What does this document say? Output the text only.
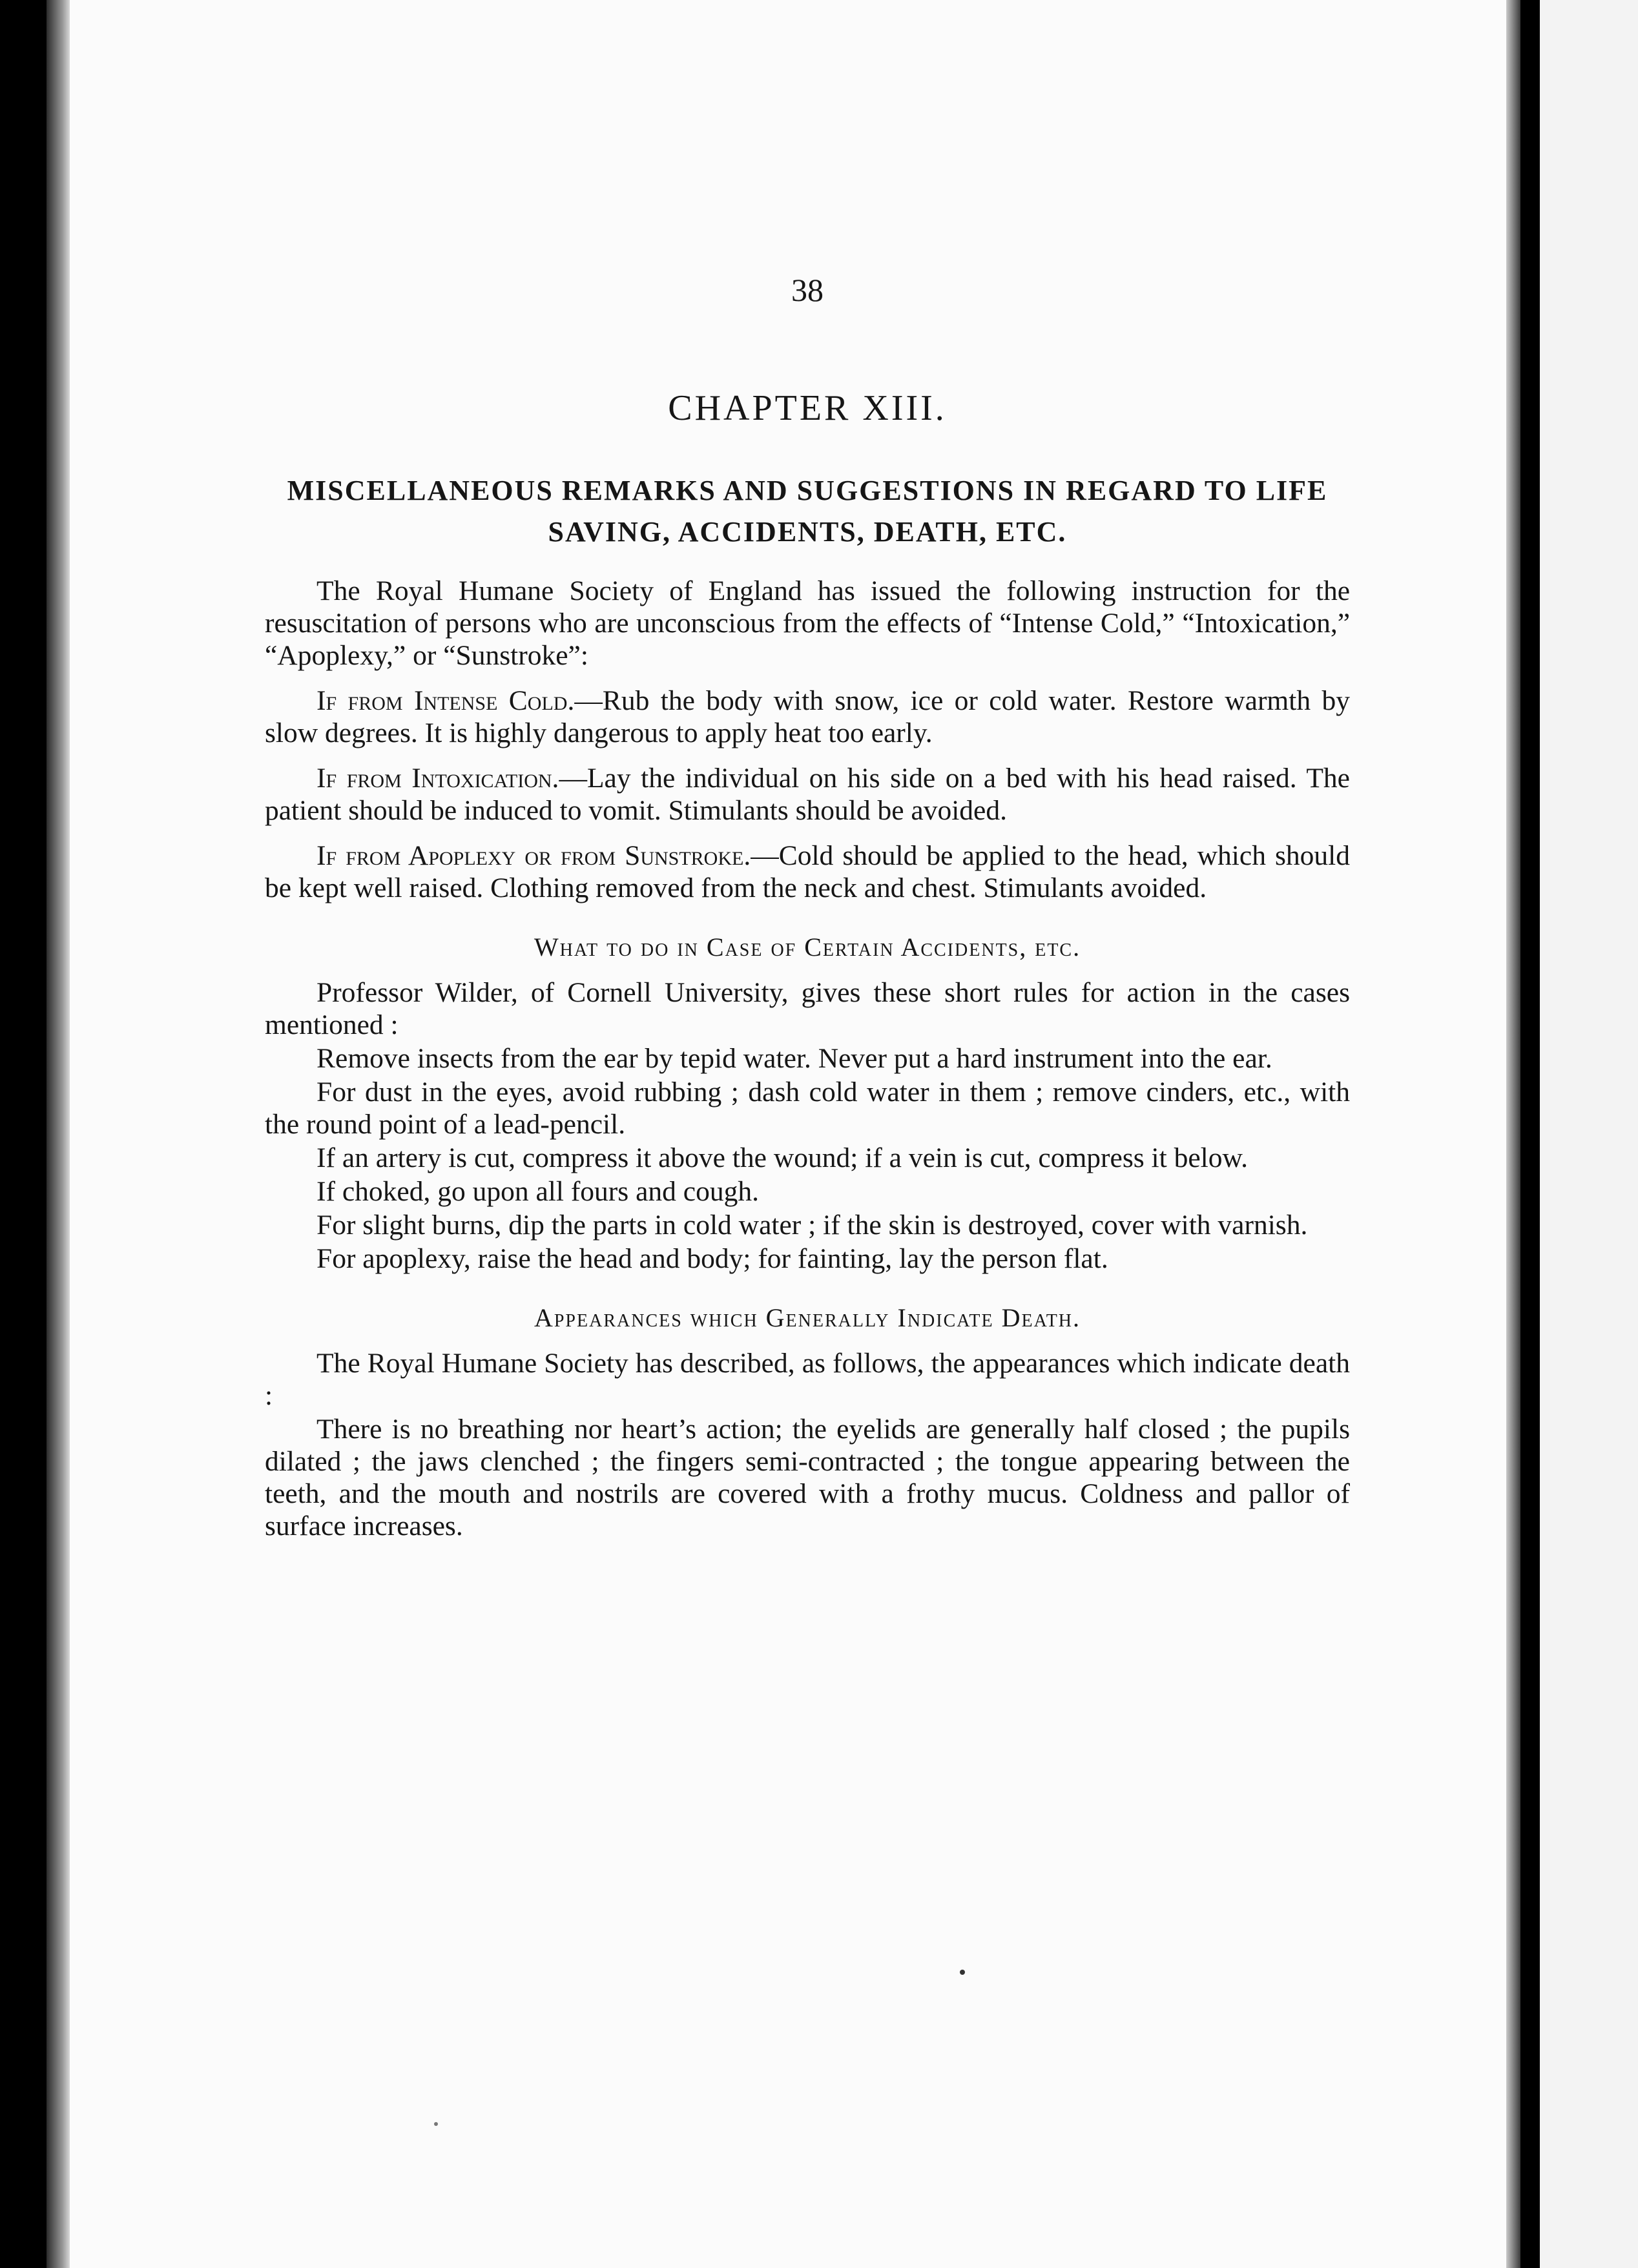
38
CHAPTER XIII.
MISCELLANEOUS REMARKS AND SUGGESTIONS IN REGARD TO LIFE SAVING, ACCIDENTS, DEATH, ETC.

The Royal Humane Society of England has issued the following instruction for the resuscitation of persons who are unconscious from the effects of “Intense Cold,” “Intoxication,” “Apoplexy,” or “Sunstroke”:

If from Intense Cold.—Rub the body with snow, ice or cold water. Restore warmth by slow degrees. It is highly dangerous to apply heat too early.

If from Intoxication.—Lay the individual on his side on a bed with his head raised. The patient should be induced to vomit. Stimulants should be avoided.

If from Apoplexy or from Sunstroke.—Cold should be applied to the head, which should be kept well raised. Clothing removed from the neck and chest. Stimulants avoided.

What to do in Case of Certain Accidents, etc.

Professor Wilder, of Cornell University, gives these short rules for action in the cases mentioned :

Remove insects from the ear by tepid water. Never put a hard instrument into the ear.

For dust in the eyes, avoid rubbing ; dash cold water in them ; remove cinders, etc., with the round point of a lead-pencil.

If an artery is cut, compress it above the wound; if a vein is cut, compress it below.

If choked, go upon all fours and cough.

For slight burns, dip the parts in cold water ; if the skin is destroyed, cover with varnish.

For apoplexy, raise the head and body; for fainting, lay the person flat.

Appearances which Generally Indicate Death.

The Royal Humane Society has described, as follows, the appearances which indicate death :

There is no breathing nor heart’s action; the eyelids are generally half closed ; the pupils dilated ; the jaws clenched ; the fingers semi-contracted ; the tongue appearing between the teeth, and the mouth and nostrils are covered with a frothy mucus. Coldness and pallor of surface increases.
